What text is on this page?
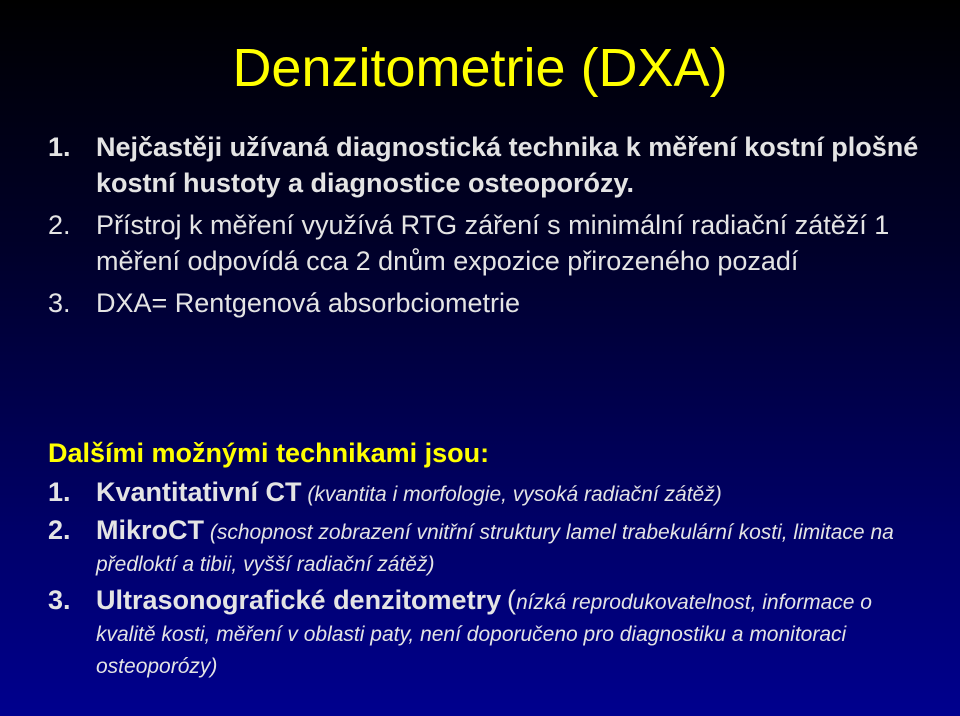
Denzitometrie (DXA)
1. Nejčastěji užívaná diagnostická technika k měření kostní plošné kostní hustoty a diagnostice osteoporózy.
2. Přístroj k měření využívá RTG záření s minimální radiační zátěží 1 měření odpovídá cca 2 dnům expozice přirozeného pozadí
3. DXA= Rentgenová absorbciometrie
Dalšími možnými technikami jsou:
1. Kvantitativní CT (kvantita i morfologie, vysoká radiační zátěž)
2. MikroCT (schopnost zobrazení vnitřní struktury lamel trabekulární kosti, limitace na předloktí a tibii, vyšší radiační zátěž)
3. Ultrasonografické denzitometry (nízká reprodukovatelnost, informace o kvalitě kosti, měření v oblasti paty, není doporučeno pro diagnostiku a monitoraci osteoporózy)
